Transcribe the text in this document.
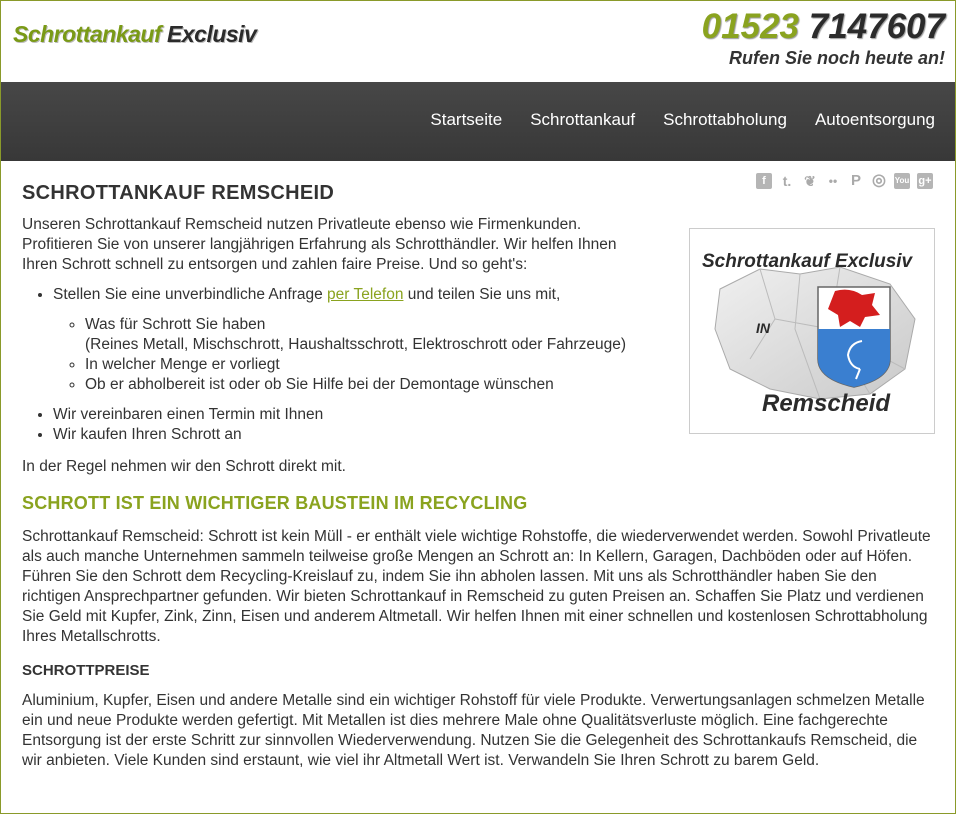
Schrottankauf Exclusiv	01523 7147607
Rufen Sie noch heute an!
Startseite Schrottankauf Schrottabholung Autoentsorgung
f	t. ❦	•• P ◎ You g+
Schrottankauf Exclusiv
IN
Remscheid
SCHROTTANKAUF REMSCHEID

Unseren Schrottankauf Remscheid nutzen Privatleute ebenso wie Firmenkunden. Profitieren Sie von unserer langjährigen Erfahrung als Schrotthändler. Wir helfen Ihnen Ihren Schrott schnell zu entsorgen und zahlen faire Preise. Und so geht's:

• Stellen Sie eine unverbindliche Anfrage per Telefon und teilen Sie uns mit,
◦ Was für Schrott Sie haben
(Reines Metall, Mischschrott, Haushaltsschrott, Elektroschrott oder Fahrzeuge)
◦ In welcher Menge er vorliegt
◦ Ob er abholbereit ist oder ob Sie Hilfe bei der Demontage wünschen
• Wir vereinbaren einen Termin mit Ihnen
• Wir kaufen Ihren Schrott an

In der Regel nehmen wir den Schrott direkt mit.

SCHROTT IST EIN WICHTIGER BAUSTEIN IM RECYCLING

Schrottankauf Remscheid: Schrott ist kein Müll - er enthält viele wichtige Rohstoffe, die wiederverwendet werden. Sowohl Privatleute als auch manche Unternehmen sammeln teilweise große Mengen an Schrott an: In Kellern, Garagen, Dachböden oder auf Höfen. Führen Sie den Schrott dem Recycling-Kreislauf zu, indem Sie ihn abholen lassen. Mit uns als Schrotthändler haben Sie den richtigen Ansprechpartner gefunden. Wir bieten Schrottankauf in Remscheid zu guten Preisen an. Schaffen Sie Platz und verdienen Sie Geld mit Kupfer, Zink, Zinn, Eisen und anderem Altmetall. Wir helfen Ihnen mit einer schnellen und kostenlosen Schrottabholung Ihres Metallschrotts.

SCHROTTPREISE

Aluminium, Kupfer, Eisen und andere Metalle sind ein wichtiger Rohstoff für viele Produkte. Verwertungsanlagen schmelzen Metalle ein und neue Produkte werden gefertigt. Mit Metallen ist dies mehrere Male ohne Qualitätsverluste möglich. Eine fachgerechte Entsorgung ist der erste Schritt zur sinnvollen Wiederverwendung. Nutzen Sie die Gelegenheit des Schrottankaufs Remscheid, die wir anbieten. Viele Kunden sind erstaunt, wie viel ihr Altmetall Wert ist. Verwandeln Sie Ihren Schrott zu barem Geld.
